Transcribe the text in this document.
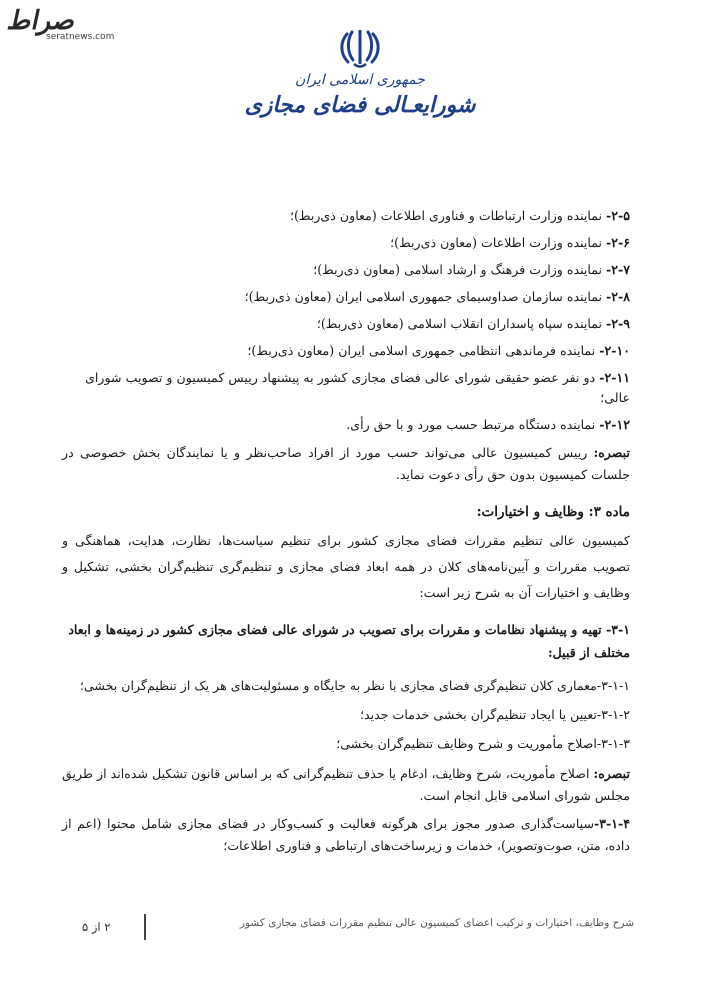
صراط
seratnews.com
جمهوری اسلامی ایران
شورایعـالی فضای مجازی
۲-۵-نماینده وزارت ارتباطات و فناوری اطلاعات (معاون ذی‌ربط)؛
۲-۶-نماینده وزارت اطلاعات (معاون ذی‌ربط)؛
۲-۷-نماینده وزارت فرهنگ و ارشاد اسلامی (معاون ذی‌ربط)؛
۲-۸-نماینده سازمان صداوسیمای جمهوری اسلامی ایران (معاون ذی‌ربط)؛
۲-۹-نماینده سپاه پاسداران انقلاب اسلامی (معاون ذی‌ربط)؛
۲-۱۰-نماینده فرماندهی انتظامی جمهوری اسلامی ایران (معاون ذی‌ربط)؛
۲-۱۱-دو نفر عضو حقیقی شورای عالی فضای مجازی کشور به پیشنهاد رییس کمیسیون و تصویب شورای عالی؛
۲-۱۲-نماینده دستگاه مرتبط حسب مورد و با حق رأی.
تبصره: رییس کمیسیون عالی می‌تواند حسب مورد از افراد صاحب‌نظر و یا نمایندگان بخش خصوصی در جلسات کمیسیون بدون حق رأی دعوت نماید.
ماده ۳: وظایف و اختیارات:
کمیسیون عالی تنظیم مقررات فضای مجازی کشور برای تنظیم سیاست‌ها، نظارت، هدایت، هماهنگی و تصویب مقررات و آیین‌نامه‌های کلان در همه ابعاد فضای مجازی و تنظیم‌گری تنظیم‌گران بخشی، تشکیل و وظایف و اختیارات آن به شرح زیر است:
۳-۱- تهیه و پیشنهاد نظامات و مقررات برای تصویب در شورای عالی فضای مجازی کشور در زمینه‌ها و ابعاد مختلف از قبیل:
۳-۱-۱-معماری کلان تنظیم‌گری فضای مجازی با نظر به جایگاه و مسئولیت‌های هر یک از تنظیم‌گران بخشی؛
۳-۱-۲-تعیین یا ایجاد تنظیم‌گران بخشی خدمات جدید؛
۳-۱-۳-اصلاح مأموریت و شرح وظایف تنظیم‌گران بخشی؛
تبصره: اصلاح مأموریت، شرح وظایف، ادغام یا حذف تنظیم‌گرانی که بر اساس قانون تشکیل شده‌اند از طریق مجلس شورای اسلامی قابل انجام است.
۳-۱-۴-سیاست‌گذاری صدور مجوز برای هرگونه فعالیت و کسب‌وکار در فضای مجازی شامل محتوا (اعم از داده، متن، صوت‌وتصویر)، خدمات و زیرساخت‌های ارتباطی و فناوری اطلاعات؛
شرح وظایف، اختیارات و ترکیب اعضای کمیسیون عالی تنظیم مقررات فضای مجازی کشور
۲ از ۵
